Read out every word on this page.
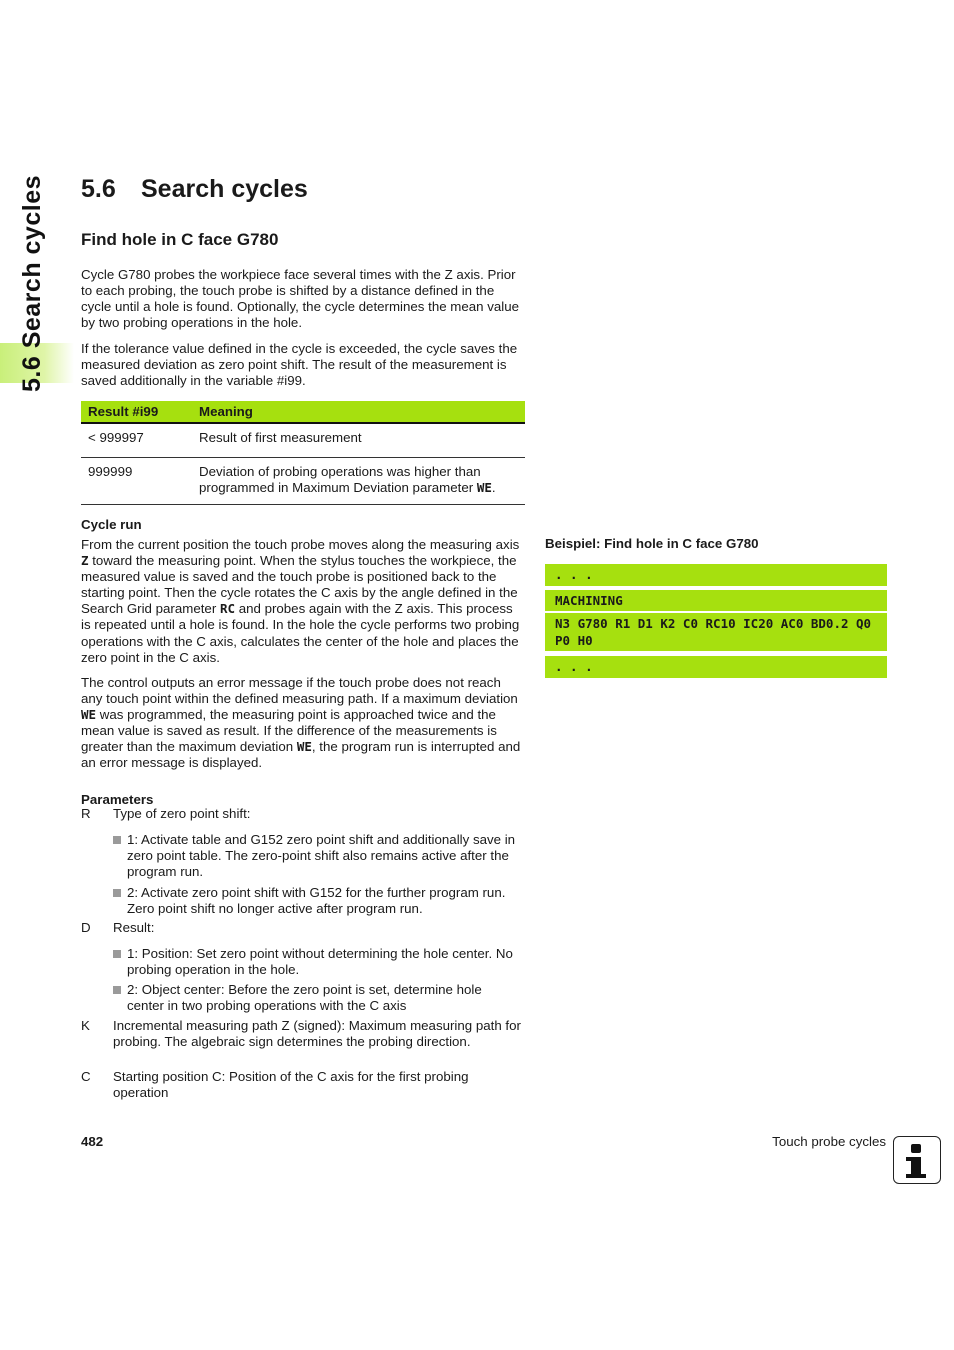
5.6 Search cycles 5.6 Search cycles
Find hole in C face G780

Cycle G780 probes the workpiece face several times with the Z axis. Prior to each probing, the touch probe is shifted by a distance defined in the cycle until a hole is found. Optionally, the cycle determines the mean value by two probing operations in the hole.

If the tolerance value defined in the cycle is exceeded, the cycle saves the measured deviation as zero point shift. The result of the measurement is saved additionally in the variable #i99.

Result #i99	Meaning
< 999997	Result of first measurement
999999	Deviation of probing operations was higher than programmed in Maximum Deviation parameter WE.
Cycle run

From the current position the touch probe moves along the measuring axis Z toward the measuring point. When the stylus touches the workpiece, the measured value is saved and the touch probe is positioned back to the starting point. Then the cycle rotates the C axis by the angle defined in the Search Grid parameter RC and probes again with the Z axis. This process is repeated until a hole is found. In the hole the cycle performs two probing operations with the C axis, calculates the center of the hole and places the zero point in the C axis.

The control outputs an error message if the touch probe does not reach any touch point within the defined measuring path. If a maximum deviation WE was programmed, the measuring point is approached twice and the mean value is saved as result. If the difference of the measurements is greater than the maximum deviation WE, the program run is interrupted and an error message is displayed.

Parameters
R	Type of zero point shift:
1: Activate table and G152 zero point shift and additionally save in zero point table. The zero-point shift also remains active after the program run.
2: Activate zero point shift with G152 for the further program run. Zero point shift no longer active after program run.
D	Result:
1: Position: Set zero point without determining the hole center. No probing operation in the hole.
2: Object center: Before the zero point is set, determine hole center in two probing operations with the C axis
K	Incremental measuring path Z (signed): Maximum measuring path for probing. The algebraic sign determines the probing direction.
C	Starting position C: Position of the C axis for the first probing operation
Beispiel: Find hole in C face G780
. . .
MACHINING
N3 G780 R1 D1 K2 C0 RC10 IC20 AC0 BD0.2 Q0 P0 H0
. . .
482	Touch probe cycles
